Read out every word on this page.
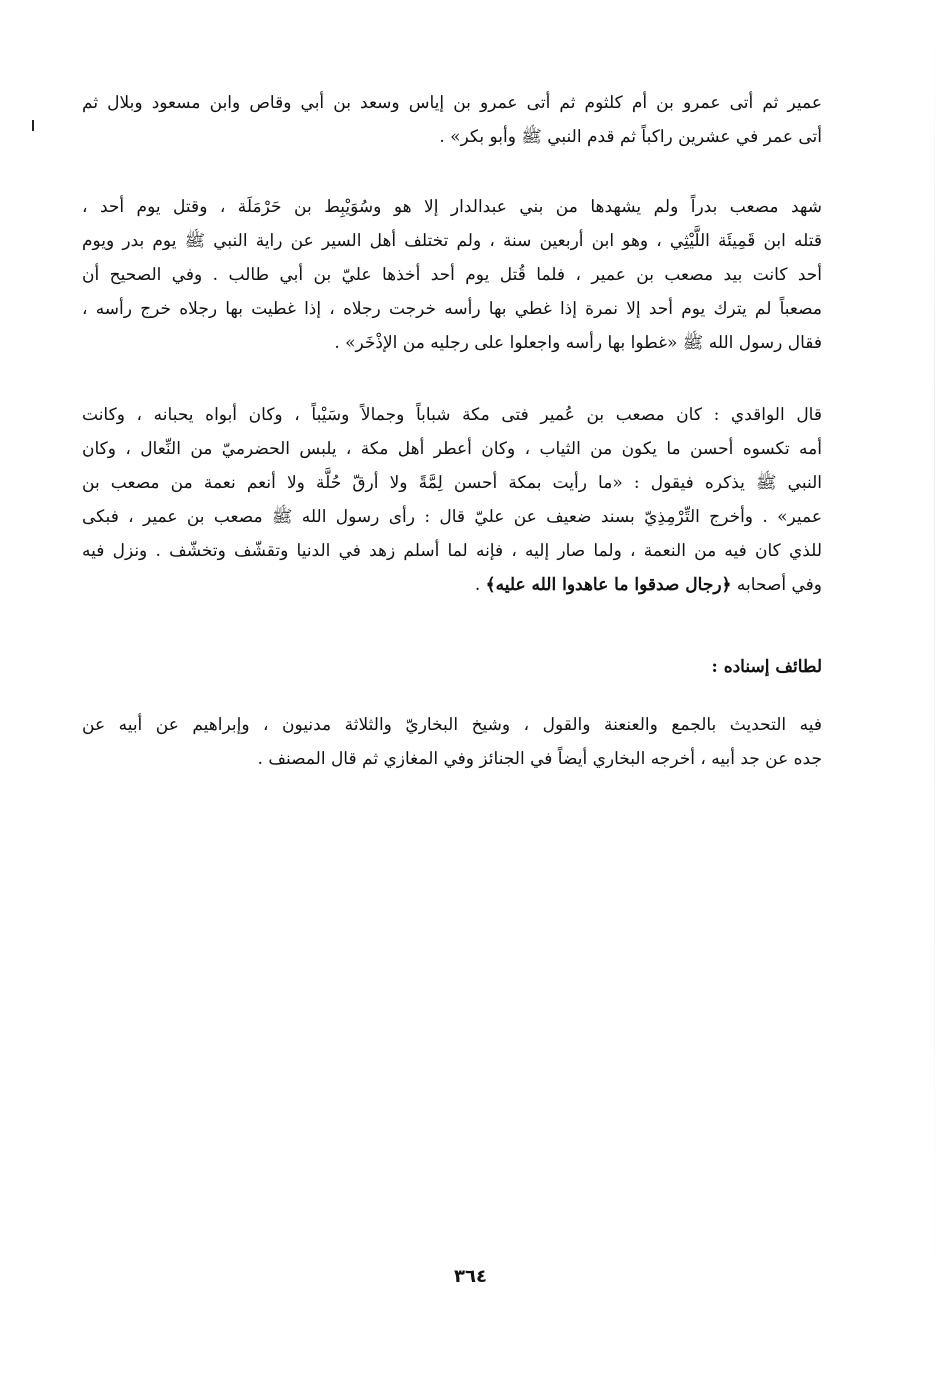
عمير ثم أتى عمرو بن أم كلثوم ثم أتى عمرو بن إياس وسعد بن أبي وقاص وابن مسعود وبلال ثم
أتى عمر في عشرين راكباً ثم قدم النبي ﷺ وأبو بكر» .
شهد مصعب بدراً ولم يشهدها من بني عبدالدار إلا هو وسُوَيْبِط بن حَرْمَلَة ، وقتل يوم أحد ،
قتله ابن قَمِيئَة اللَّيْثِي ، وهو ابن أربعين سنة ، ولم تختلف أهل السير عن راية النبي ﷺ يوم بدر ويوم
أحد كانت بيد مصعب بن عمير ، فلما قُتل يوم أحد أخذها عليّ بن أبي طالب . وفي الصحيح أن
مصعباً لم يترك يوم أحد إلا نمرة إذا غطي بها رأسه خرجت رجلاه ، إذا غطيت بها رجلاه خرج رأسه ،
فقال رسول الله ﷺ «غطوا بها رأسه واجعلوا على رجليه من الإذْخَر» .
قال الواقدي : كان مصعب بن عُمير فتى مكة شباباً وجمالاً وسَيْباً ، وكان أبواه يحبانه ، وكانت
أمه تكسوه أحسن ما يكون من الثياب ، وكان أعطر أهل مكة ، يلبس الحضرميّ من النِّعال ، وكان
النبي ﷺ يذكره فيقول : «ما رأيت بمكة أحسن لِمَّةً ولا أرقّ حُلَّة ولا أنعم نعمة من مصعب بن
عمير» . وأخرج التِّرْمِذِيّ بسند ضعيف عن عليّ قال : رأى رسول الله ﷺ مصعب بن عمير ، فبكى
للذي كان فيه من النعمة ، ولما صار إليه ، فإنه لما أسلم زهد في الدنيا وتقشّف وتخشّف . ونزل فيه
وفي أصحابه ﴿رجال صدقوا ما عاهدوا الله عليه﴾ .
لطائف إسناده :
فيه التحديث بالجمع والعنعنة والقول ، وشيخ البخاريّ والثلاثة مدنيون ، وإبراهيم عن أبيه عن
جده عن جد أبيه ، أخرجه البخاري أيضاً في الجنائز وفي المغازي ثم قال المصنف .
٣٦٤
